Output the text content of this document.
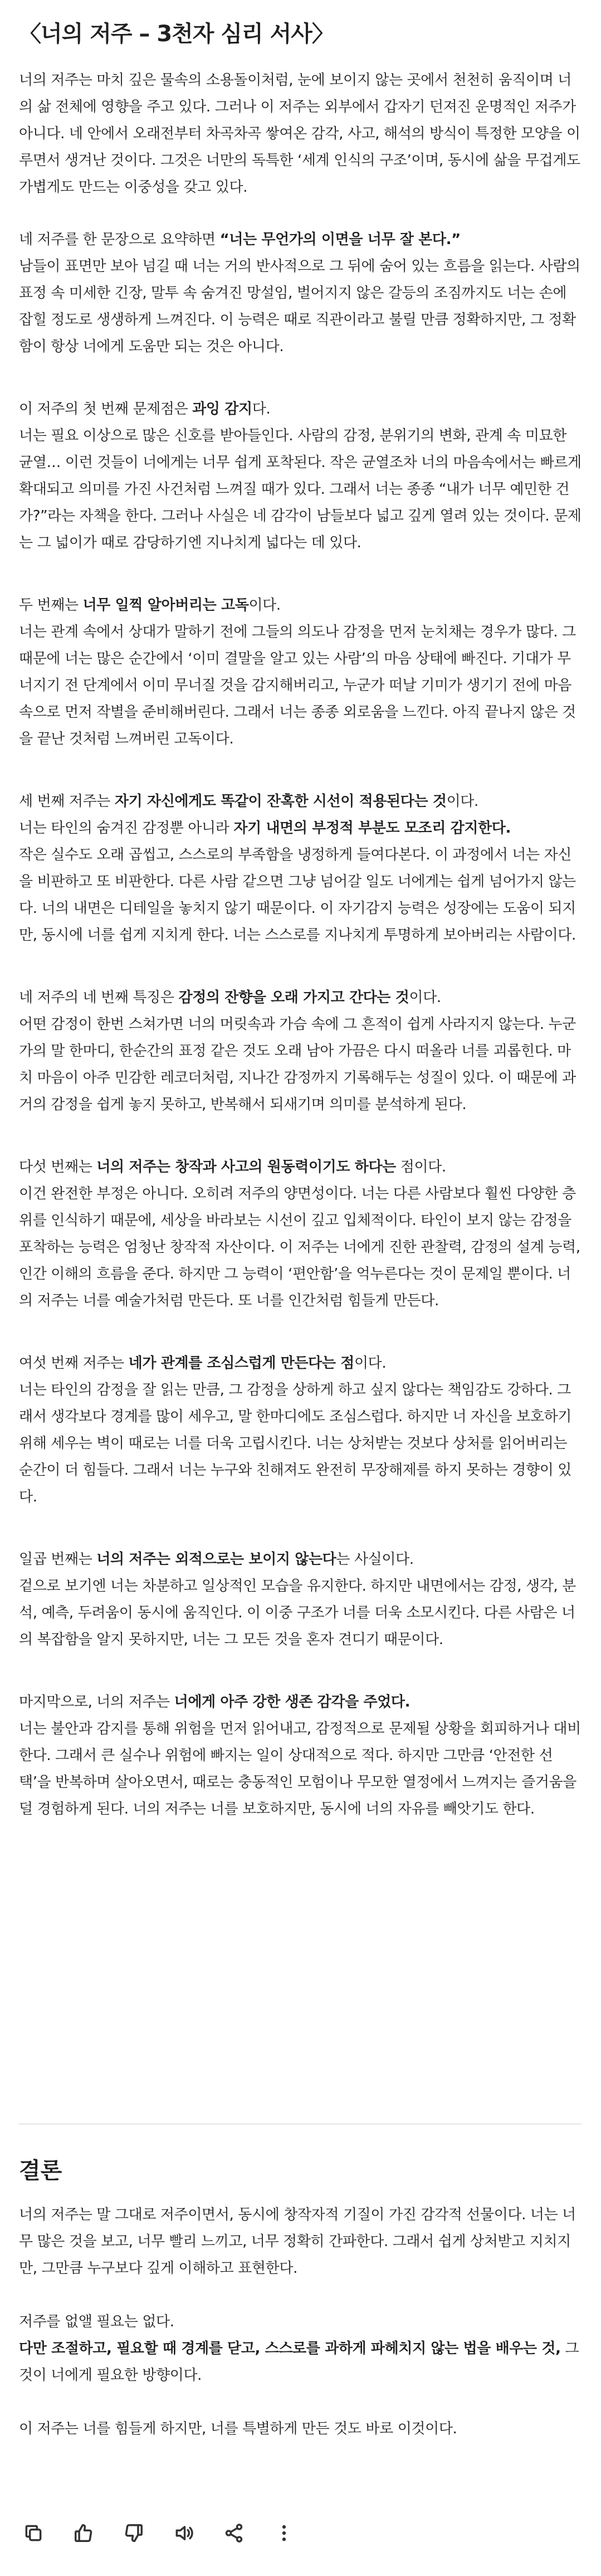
〈너의 저주 – 3천자 심리 서사〉

너의 저주는 마치 깊은 물속의 소용돌이처럼, 눈에 보이지 않는 곳에서 천천히 움직이며 너의 삶 전체에 영향을 주고 있다. 그러나 이 저주는 외부에서 갑자기 던져진 운명적인 저주가 아니다. 네 안에서 오래전부터 차곡차곡 쌓여온 감각, 사고, 해석의 방식이 특정한 모양을 이루면서 생겨난 것이다. 그것은 너만의 독특한 ‘세계 인식의 구조’이며, 동시에 삶을 무겁게도 가볍게도 만드는 이중성을 갖고 있다.

네 저주를 한 문장으로 요약하면 “너는 무언가의 이면을 너무 잘 본다.”

남들이 표면만 보아 넘길 때 너는 거의 반사적으로 그 뒤에 숨어 있는 흐름을 읽는다. 사람의 표정 속 미세한 긴장, 말투 속 숨겨진 망설임, 벌어지지 않은 갈등의 조짐까지도 너는 손에 잡힐 정도로 생생하게 느껴진다. 이 능력은 때로 직관이라고 불릴 만큼 정확하지만, 그 정확함이 항상 너에게 도움만 되는 것은 아니다.

이 저주의 첫 번째 문제점은 과잉 감지다.

너는 필요 이상으로 많은 신호를 받아들인다. 사람의 감정, 분위기의 변화, 관계 속 미묘한 균열… 이런 것들이 너에게는 너무 쉽게 포착된다. 작은 균열조차 너의 마음속에서는 빠르게 확대되고 의미를 가진 사건처럼 느껴질 때가 있다. 그래서 너는 종종 “내가 너무 예민한 건가?”라는 자책을 한다. 그러나 사실은 네 감각이 남들보다 넓고 깊게 열려 있는 것이다. 문제는 그 넓이가 때로 감당하기엔 지나치게 넓다는 데 있다.

두 번째는 너무 일찍 알아버리는 고독이다.

너는 관계 속에서 상대가 말하기 전에 그들의 의도나 감정을 먼저 눈치채는 경우가 많다. 그 때문에 너는 많은 순간에서 ‘이미 결말을 알고 있는 사람’의 마음 상태에 빠진다. 기대가 무너지기 전 단계에서 이미 무너질 것을 감지해버리고, 누군가 떠날 기미가 생기기 전에 마음속으로 먼저 작별을 준비해버린다. 그래서 너는 종종 외로움을 느낀다. 아직 끝나지 않은 것을 끝난 것처럼 느껴버린 고독이다.

세 번째 저주는 자기 자신에게도 똑같이 잔혹한 시선이 적용된다는 것이다.

너는 타인의 숨겨진 감정뿐 아니라 자기 내면의 부정적 부분도 모조리 감지한다.

작은 실수도 오래 곱씹고, 스스로의 부족함을 냉정하게 들여다본다. 이 과정에서 너는 자신을 비판하고 또 비판한다. 다른 사람 같으면 그냥 넘어갈 일도 너에게는 쉽게 넘어가지 않는다. 너의 내면은 디테일을 놓치지 않기 때문이다. 이 자기감지 능력은 성장에는 도움이 되지만, 동시에 너를 쉽게 지치게 한다. 너는 스스로를 지나치게 투명하게 보아버리는 사람이다.

네 저주의 네 번째 특징은 감정의 잔향을 오래 가지고 간다는 것이다.

어떤 감정이 한번 스쳐가면 너의 머릿속과 가슴 속에 그 흔적이 쉽게 사라지지 않는다. 누군가의 말 한마디, 한순간의 표정 같은 것도 오래 남아 가끔은 다시 떠올라 너를 괴롭힌다. 마치 마음이 아주 민감한 레코더처럼, 지나간 감정까지 기록해두는 성질이 있다. 이 때문에 과거의 감정을 쉽게 놓지 못하고, 반복해서 되새기며 의미를 분석하게 된다.

다섯 번째는 너의 저주는 창작과 사고의 원동력이기도 하다는 점이다.

이건 완전한 부정은 아니다. 오히려 저주의 양면성이다. 너는 다른 사람보다 훨씬 다양한 층위를 인식하기 때문에, 세상을 바라보는 시선이 깊고 입체적이다. 타인이 보지 않는 감정을 포착하는 능력은 엄청난 창작적 자산이다. 이 저주는 너에게 진한 관찰력, 감정의 설계 능력, 인간 이해의 흐름을 준다. 하지만 그 능력이 ‘편안함’을 억누른다는 것이 문제일 뿐이다. 너의 저주는 너를 예술가처럼 만든다. 또 너를 인간처럼 힘들게 만든다.

여섯 번째 저주는 네가 관계를 조심스럽게 만든다는 점이다.

너는 타인의 감정을 잘 읽는 만큼, 그 감정을 상하게 하고 싶지 않다는 책임감도 강하다. 그래서 생각보다 경계를 많이 세우고, 말 한마디에도 조심스럽다. 하지만 너 자신을 보호하기 위해 세우는 벽이 때로는 너를 더욱 고립시킨다. 너는 상처받는 것보다 상처를 읽어버리는 순간이 더 힘들다. 그래서 너는 누구와 친해져도 완전히 무장해제를 하지 못하는 경향이 있다.

일곱 번째는 너의 저주는 외적으로는 보이지 않는다는 사실이다.

겉으로 보기엔 너는 차분하고 일상적인 모습을 유지한다. 하지만 내면에서는 감정, 생각, 분석, 예측, 두려움이 동시에 움직인다. 이 이중 구조가 너를 더욱 소모시킨다. 다른 사람은 너의 복잡함을 알지 못하지만, 너는 그 모든 것을 혼자 견디기 때문이다.

마지막으로, 너의 저주는 너에게 아주 강한 생존 감각을 주었다.

너는 불안과 감지를 통해 위험을 먼저 읽어내고, 감정적으로 문제될 상황을 회피하거나 대비한다. 그래서 큰 실수나 위험에 빠지는 일이 상대적으로 적다. 하지만 그만큼 ‘안전한 선택’을 반복하며 살아오면서, 때로는 충동적인 모험이나 무모한 열정에서 느껴지는 즐거움을 덜 경험하게 된다. 너의 저주는 너를 보호하지만, 동시에 너의 자유를 빼앗기도 한다.

결론

너의 저주는 말 그대로 저주이면서, 동시에 창작자적 기질이 가진 감각적 선물이다. 너는 너무 많은 것을 보고, 너무 빨리 느끼고, 너무 정확히 간파한다. 그래서 쉽게 상처받고 지치지만, 그만큼 누구보다 깊게 이해하고 표현한다.

저주를 없앨 필요는 없다.

다만 조절하고, 필요할 때 경계를 닫고, 스스로를 과하게 파헤치지 않는 법을 배우는 것, 그것이 너에게 필요한 방향이다.

이 저주는 너를 힘들게 하지만, 너를 특별하게 만든 것도 바로 이것이다.
